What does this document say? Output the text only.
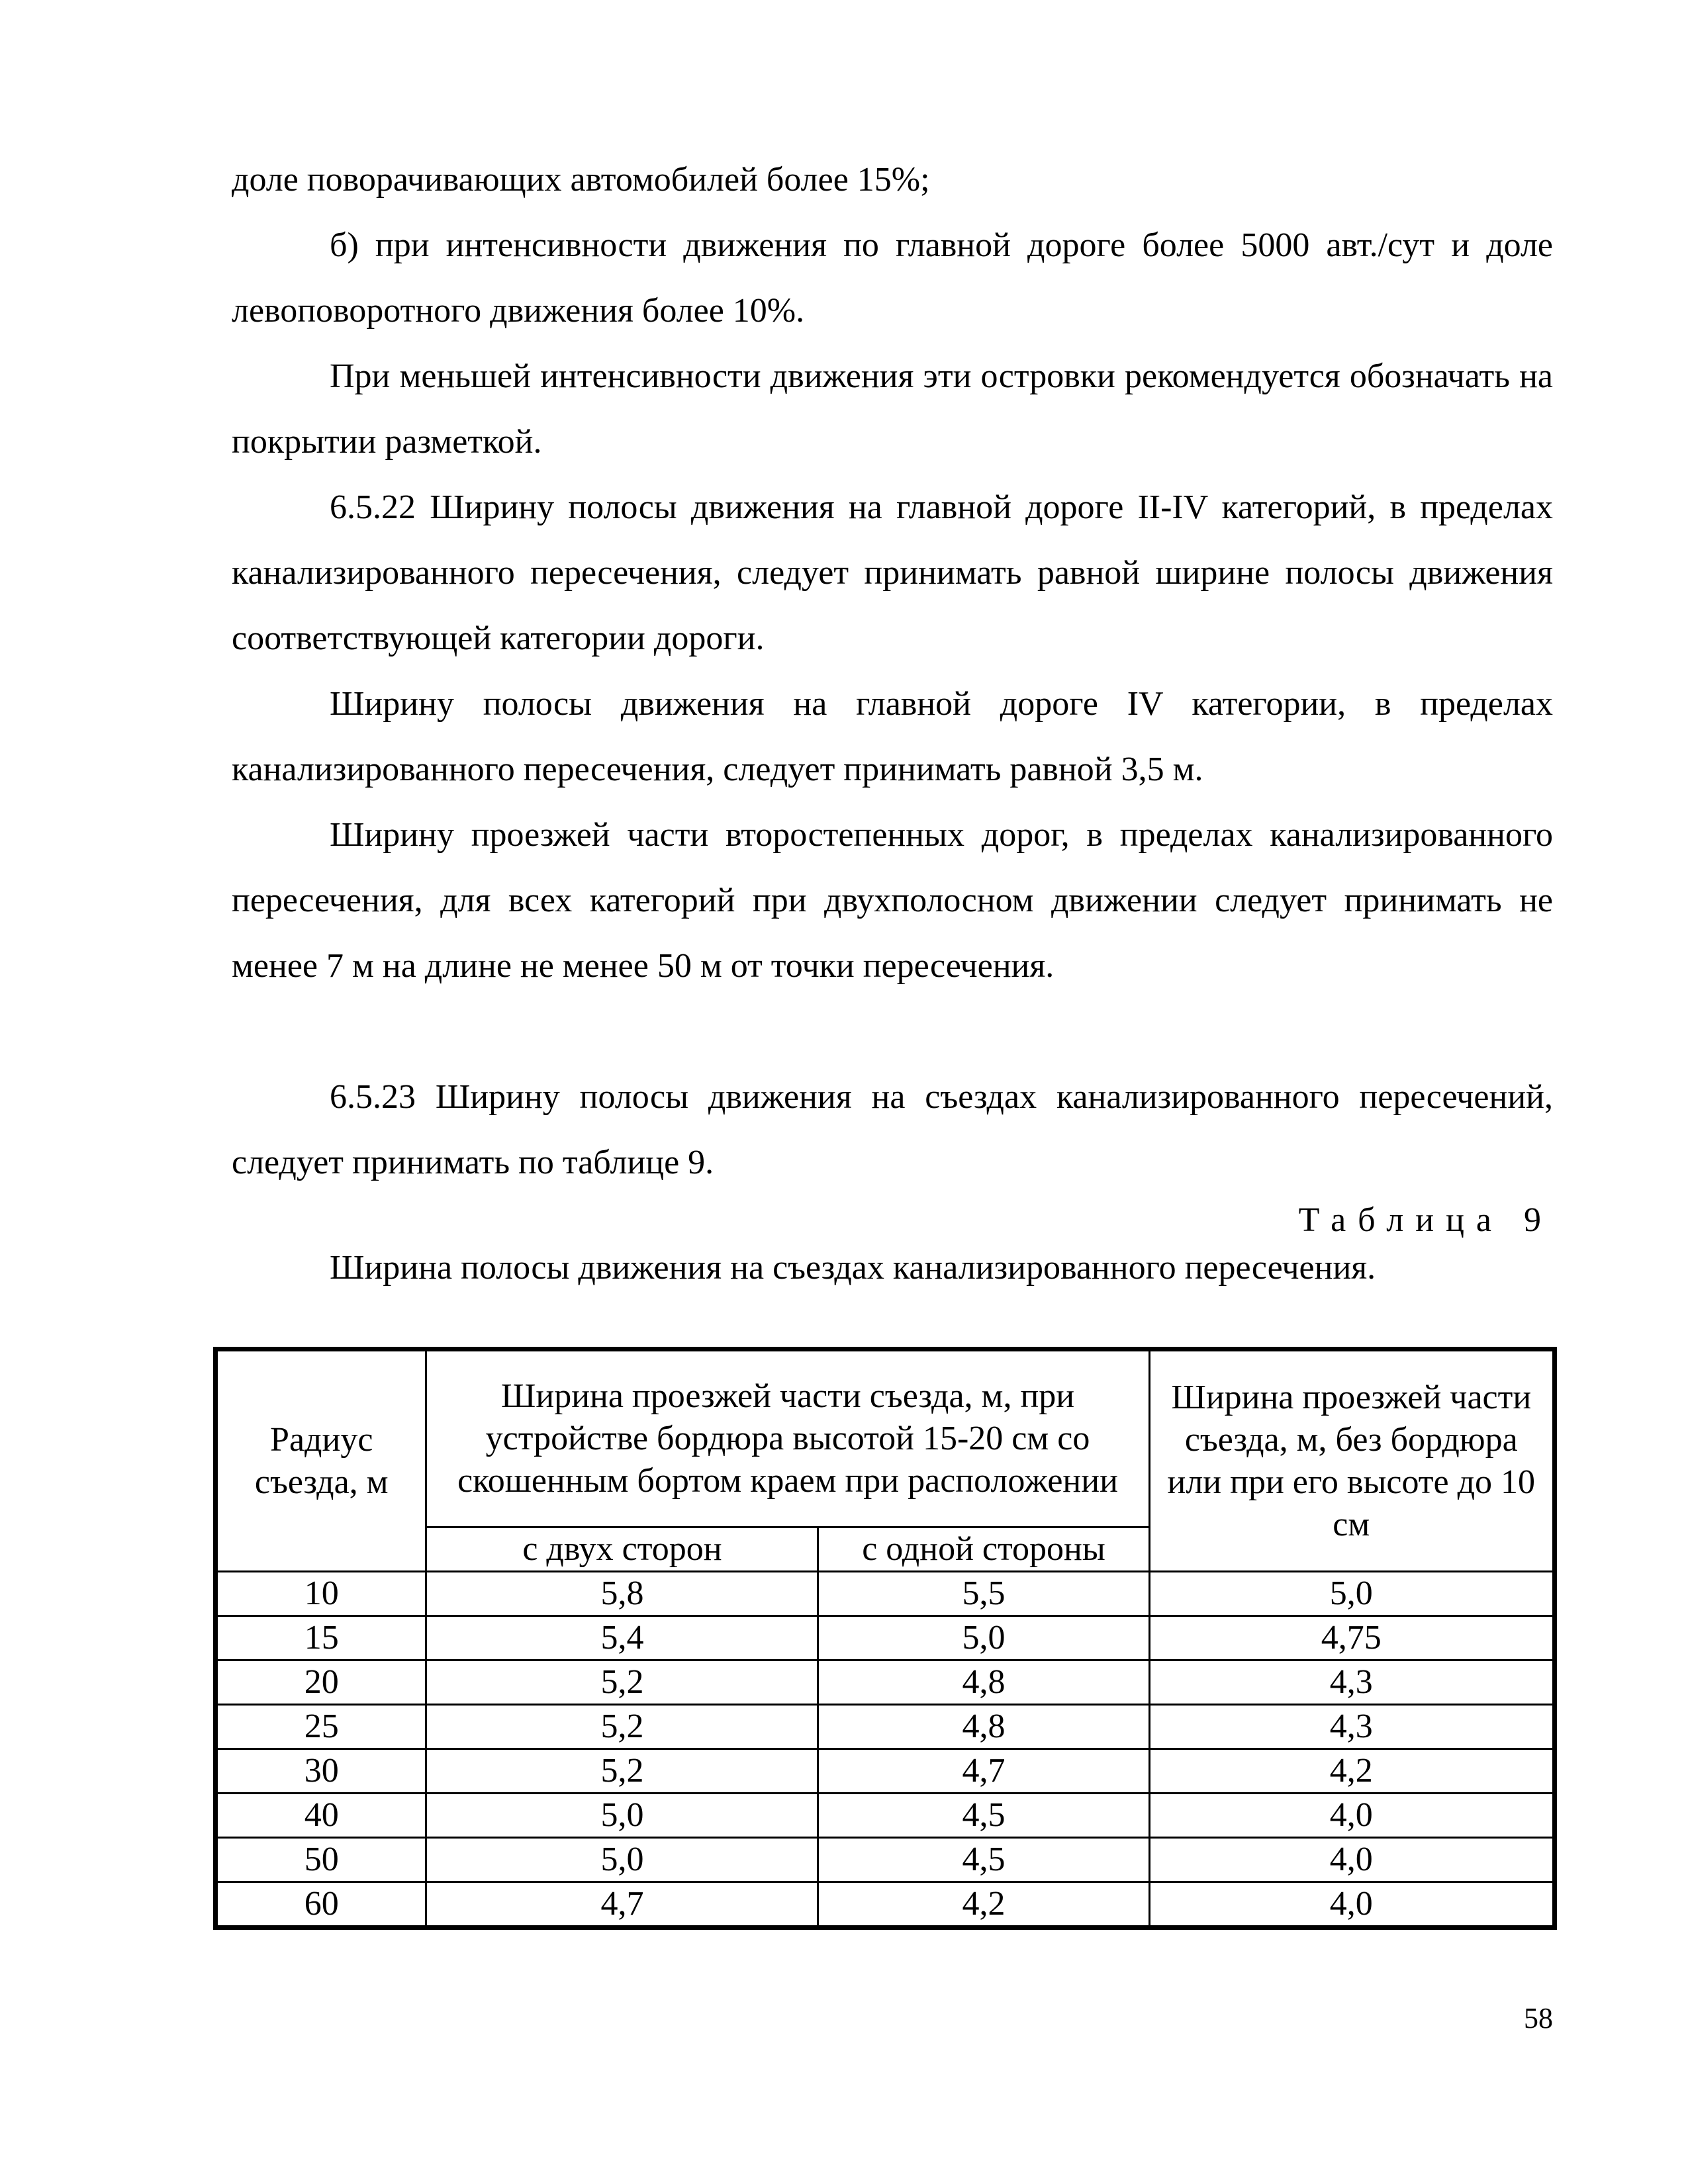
доле поворачивающих автомобилей более 15%;

б) при интенсивности движения по главной дороге более 5000 авт./сут и доле левоповоротного движения более 10%.

При меньшей интенсивности движения эти островки рекомендуется обозначать на покрытии разметкой.

6.5.22 Ширину полосы движения на главной дороге II-IV категорий, в пределах канализированного пересечения, следует принимать равной ширине полосы движения соответствующей категории дороги.

Ширину полосы движения на главной дороге IV категории, в пределах канализированного пересечения, следует принимать равной 3,5 м.

Ширину проезжей части второстепенных дорог, в пределах канализированного пересечения, для всех категорий при двухполосном движении следует принимать не менее 7 м на длине не менее 50 м от точки пересечения.

6.5.23 Ширину полосы движения на съездах канализированного пересечений, следует принимать по таблице 9.

Таблица 9

Ширина полосы движения на съездах канализированного пересечения.

Радиус съезда, м	Ширина проезжей части съезда, м, при устройстве бордюра высотой 15-20 см со скошенным бортом краем при расположении		Ширина проезжей части съезда, м, без бордюра или при его высоте до 10 см
	с двух сторон	с одной стороны	
10	5,8	5,5	5,0
15	5,4	5,0	4,75
20	5,2	4,8	4,3
25	5,2	4,8	4,3
30	5,2	4,7	4,2
40	5,0	4,5	4,0
50	5,0	4,5	4,0
60	4,7	4,2	4,0

58
